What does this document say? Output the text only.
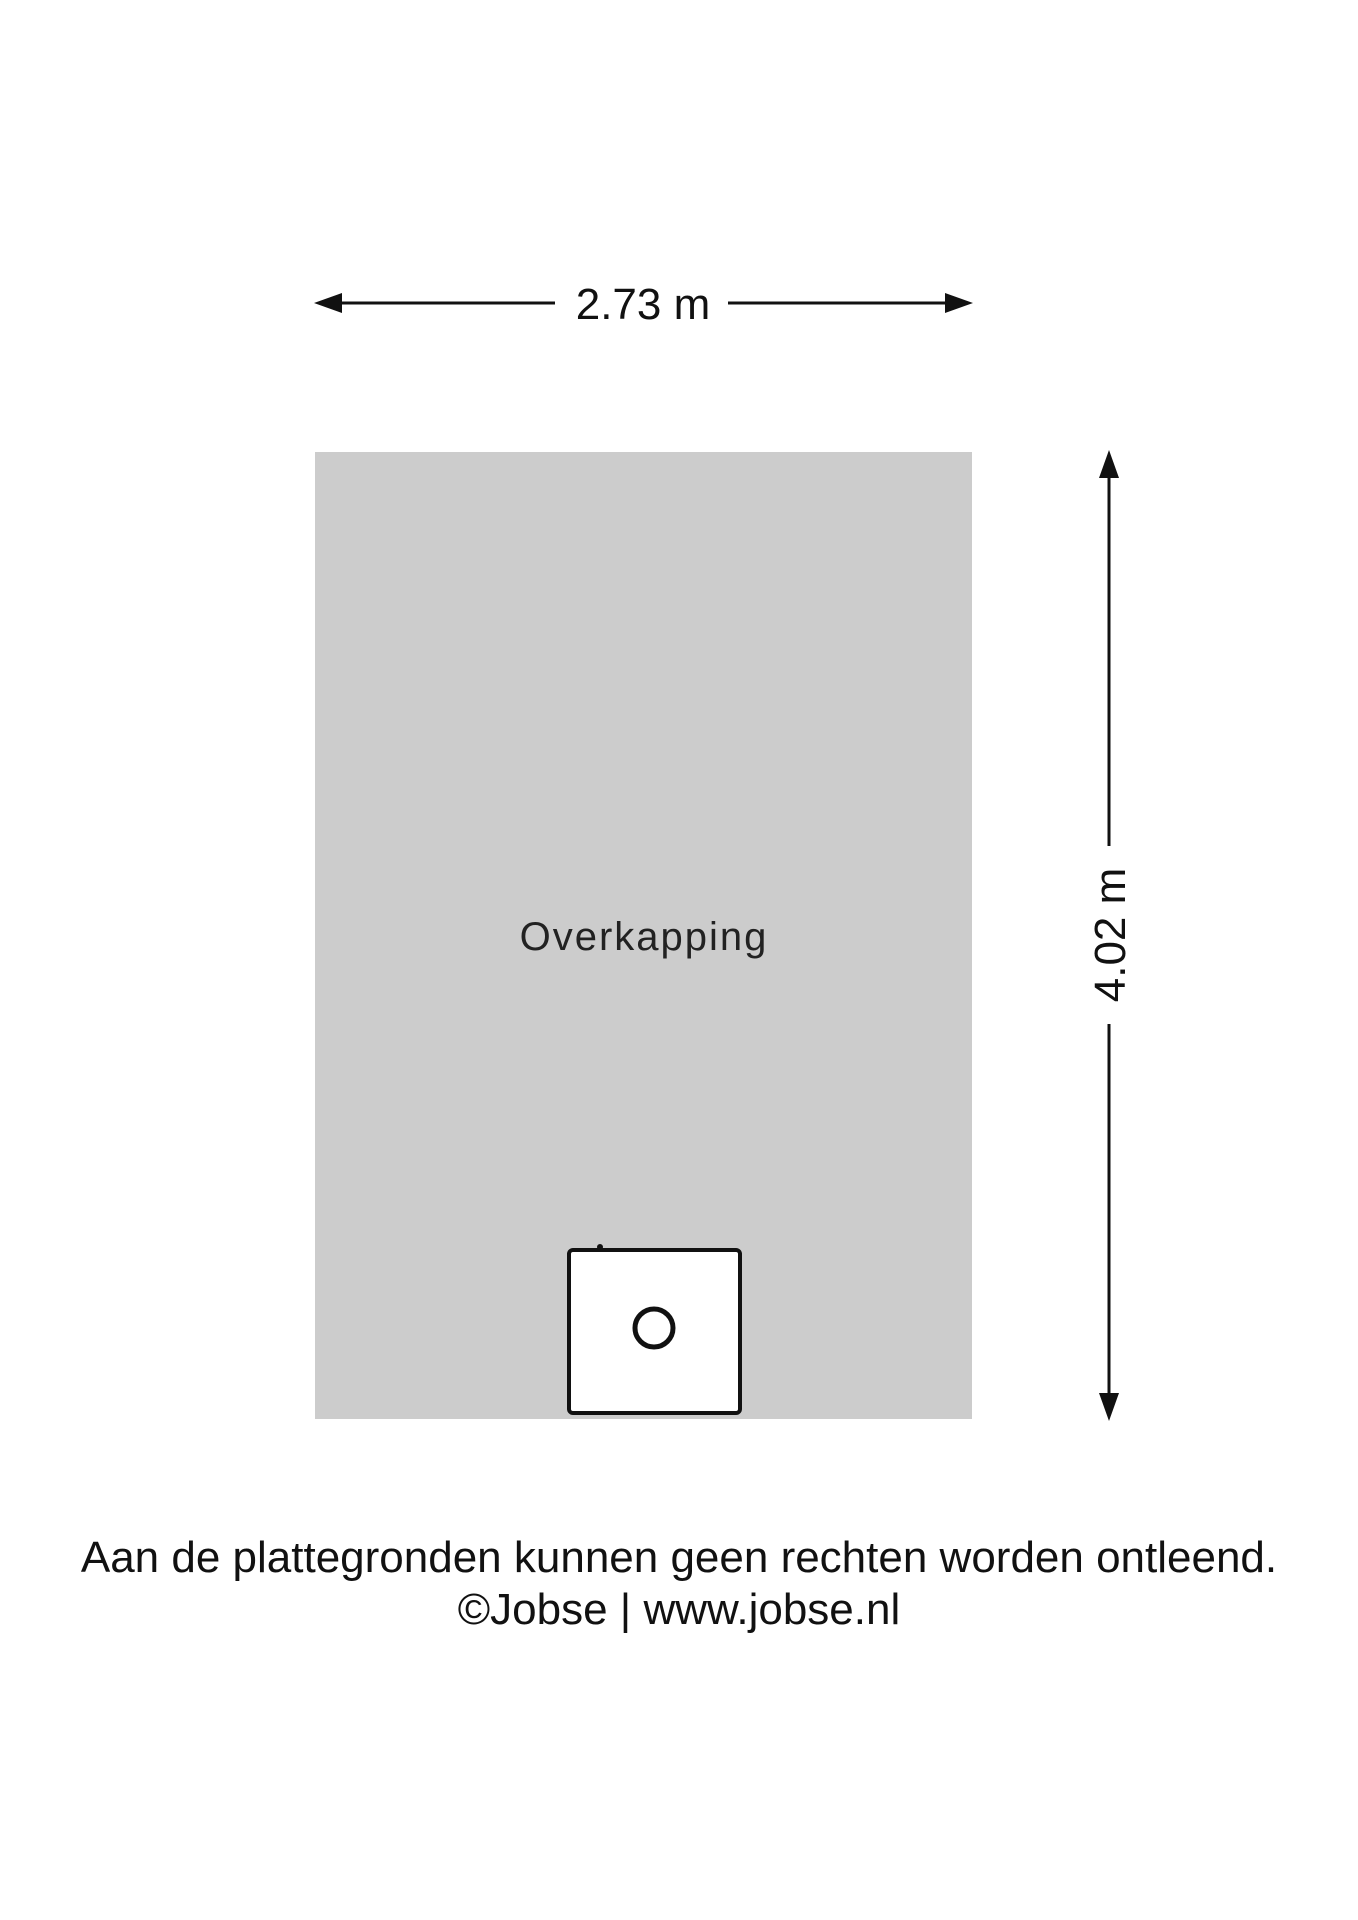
2.73 m
Overkapping	4.02 m
Aan de plattegronden kunnen geen rechten worden ontleend.
©Jobse | www.jobse.nl
